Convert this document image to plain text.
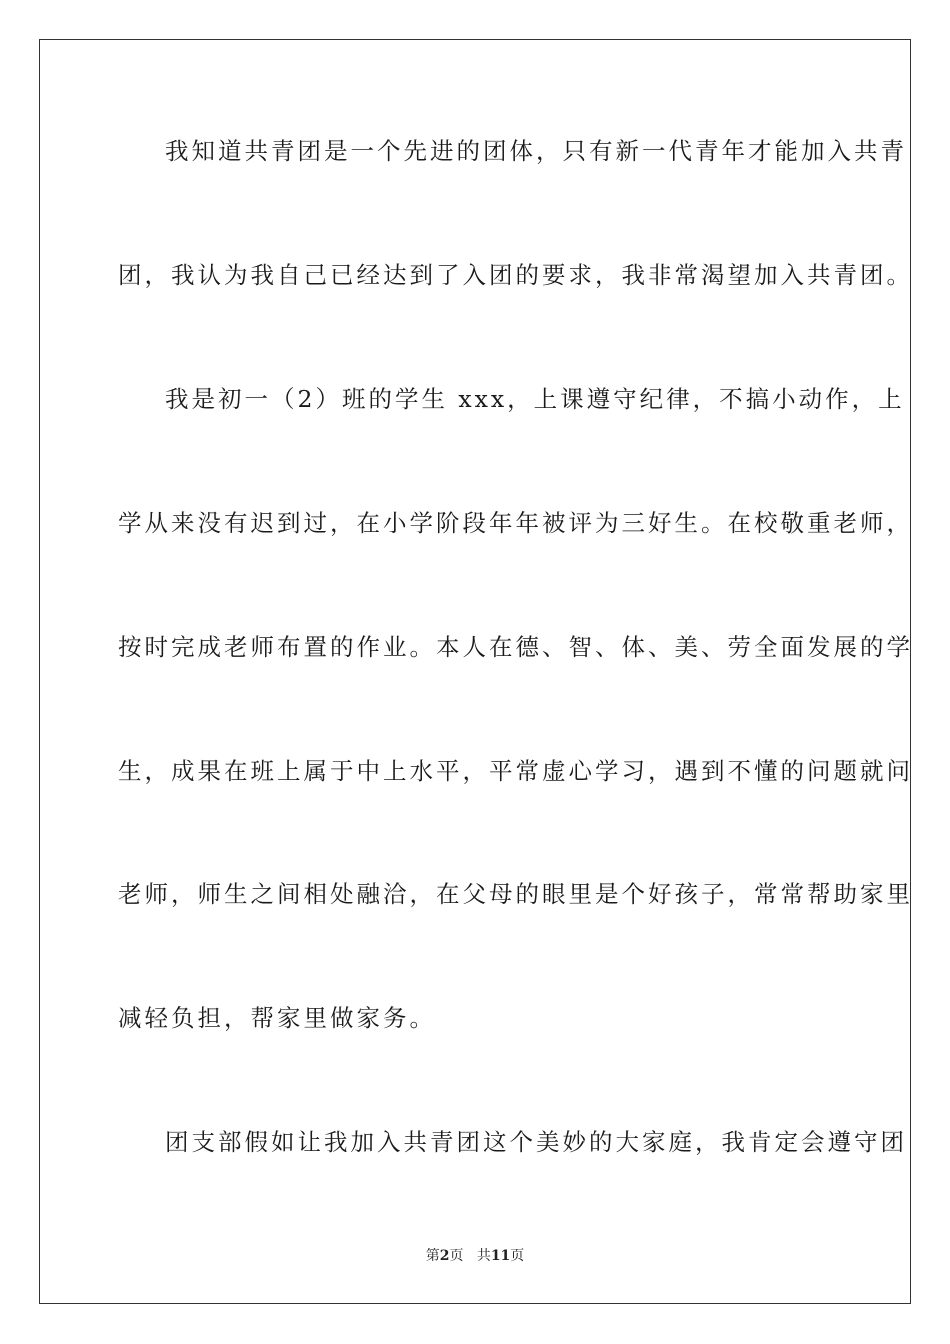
我知道共青团是一个先进的团体，只有新一代青年才能加入共青
团，我认为我自己已经达到了入团的要求，我非常渴望加入共青团。
我是初一（2）班的学生 xxx，上课遵守纪律，不搞小动作，上
学从来没有迟到过，在小学阶段年年被评为三好生。在校敬重老师，
按时完成老师布置的作业。本人在德、智、体、美、劳全面发展的学
生，成果在班上属于中上水平，平常虚心学习，遇到不懂的问题就问
老师，师生之间相处融洽，在父母的眼里是个好孩子，常常帮助家里
减轻负担，帮家里做家务。
团支部假如让我加入共青团这个美妙的大家庭，我肯定会遵守团
第2页 共11页
